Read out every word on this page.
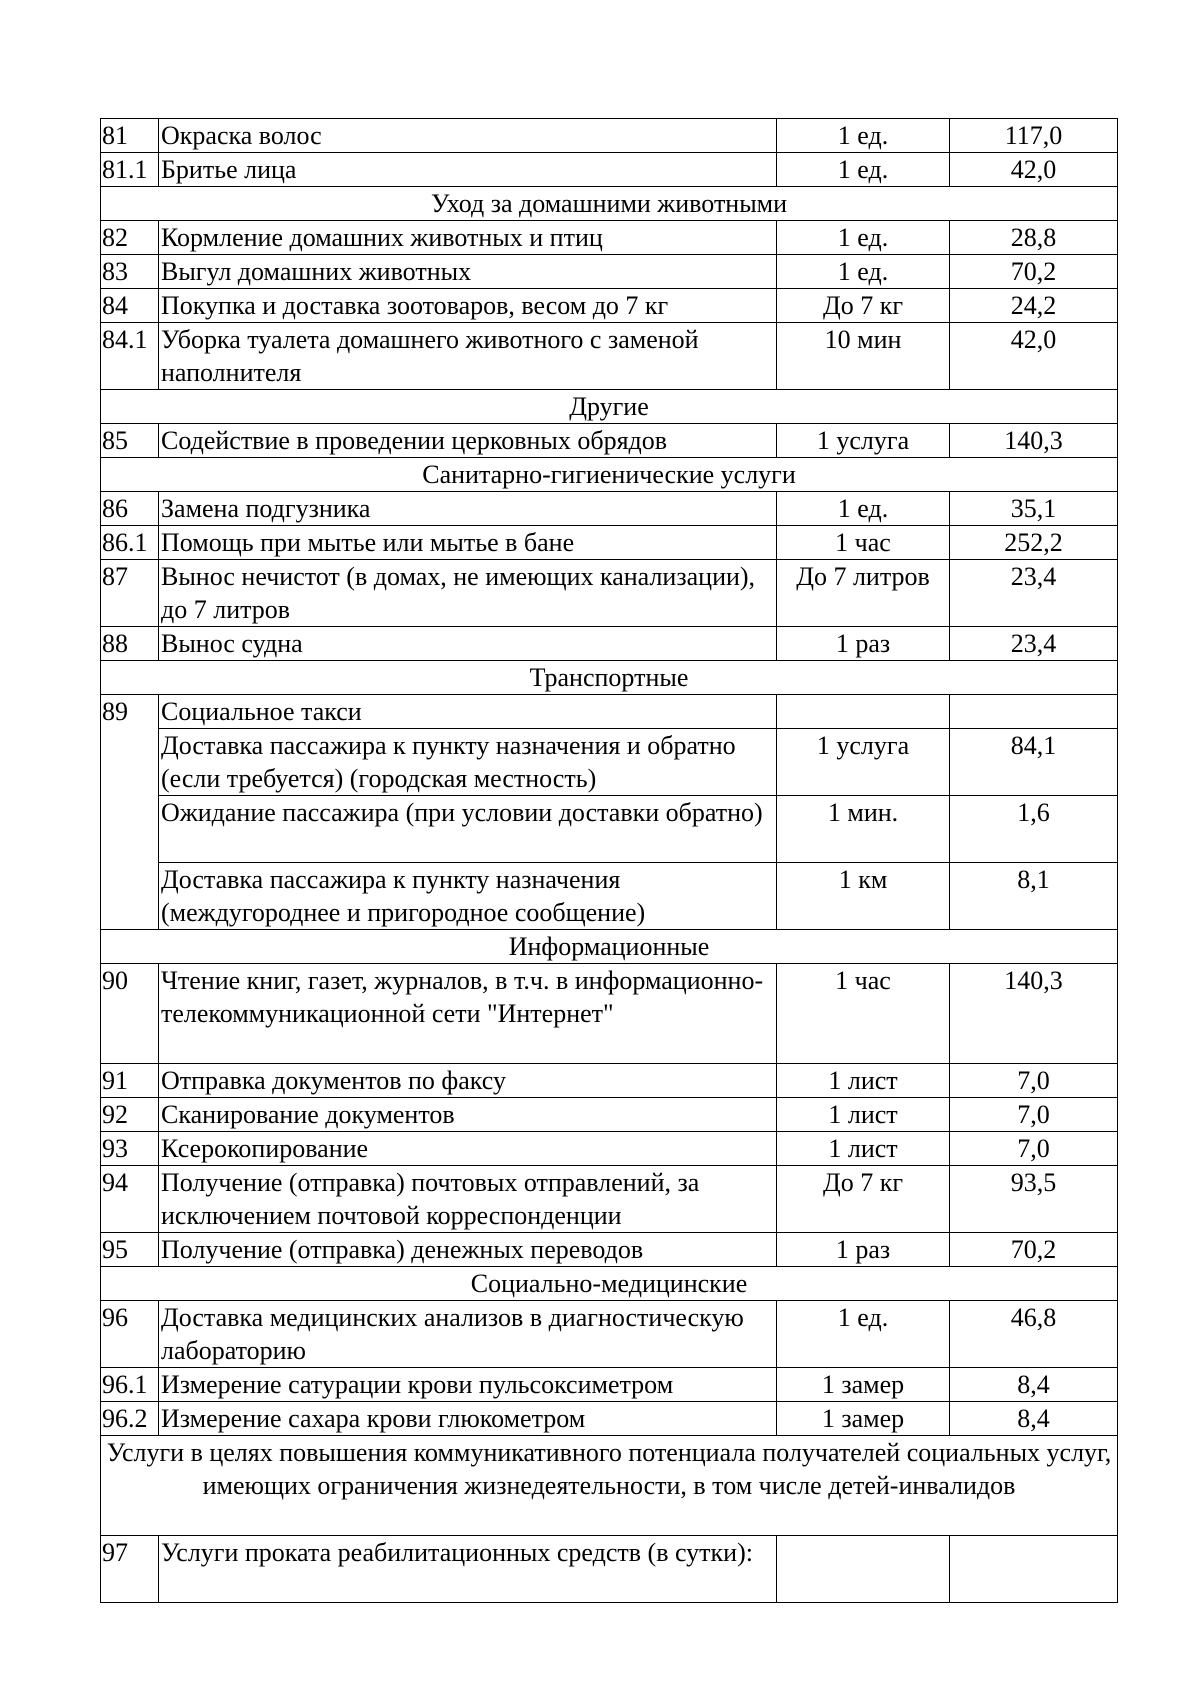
81	Окраска волос	1 ед.	117,0
81.1	Бритье лица	1 ед.	42,0
Уход за домашними животными			
82	Кормление домашних животных и птиц	1 ед.	28,8
83	Выгул домашних животных	1 ед.	70,2
84	Покупка и доставка зоотоваров, весом до 7 кг	До 7 кг	24,2
84.1	Уборка туалета домашнего животного с заменой наполнителя	10 мин	42,0
Другие			
85	Содействие в проведении церковных обрядов	1 услуга	140,3
Санитарно-гигиенические услуги			
86	Замена подгузника	1 ед.	35,1
86.1	Помощь при мытье или мытье в бане	1 час	252,2
87	Вынос нечистот (в домах, не имеющих канализации), до 7 литров	До 7 литров	23,4
88	Вынос судна	1 раз	23,4
Транспортные			
89	Социальное такси		
	Доставка пассажира к пункту назначения и обратно (если требуется) (городская местность)	1 услуга	84,1
	Ожидание пассажира (при условии доставки обратно)	1 мин.	1,6
	Доставка пассажира к пункту назначения (междугороднее и пригородное сообщение)	1 км	8,1
Информационные			
90	Чтение книг, газет, журналов, в т.ч. в информационно-телекоммуникационной сети "Интернет"	1 час	140,3
91	Отправка документов по факсу	1 лист	7,0
92	Сканирование документов	1 лист	7,0
93	Ксерокопирование	1 лист	7,0
94	Получение (отправка) почтовых отправлений, за исключением почтовой корреспонденции	До 7 кг	93,5
95	Получение (отправка) денежных переводов	1 раз	70,2
Социально-медицинские			
96	Доставка медицинских анализов в диагностическую лабораторию	1 ед.	46,8
96.1	Измерение сатурации крови пульсоксиметром	1 замер	8,4
96.2	Измерение сахара крови глюкометром	1 замер	8,4
Услуги в целях повышения коммуникативного потенциала получателей социальных услуг, имеющих ограничения жизнедеятельности, в том числе детей-инвалидов			
97	Услуги проката реабилитационных средств (в сутки):		
